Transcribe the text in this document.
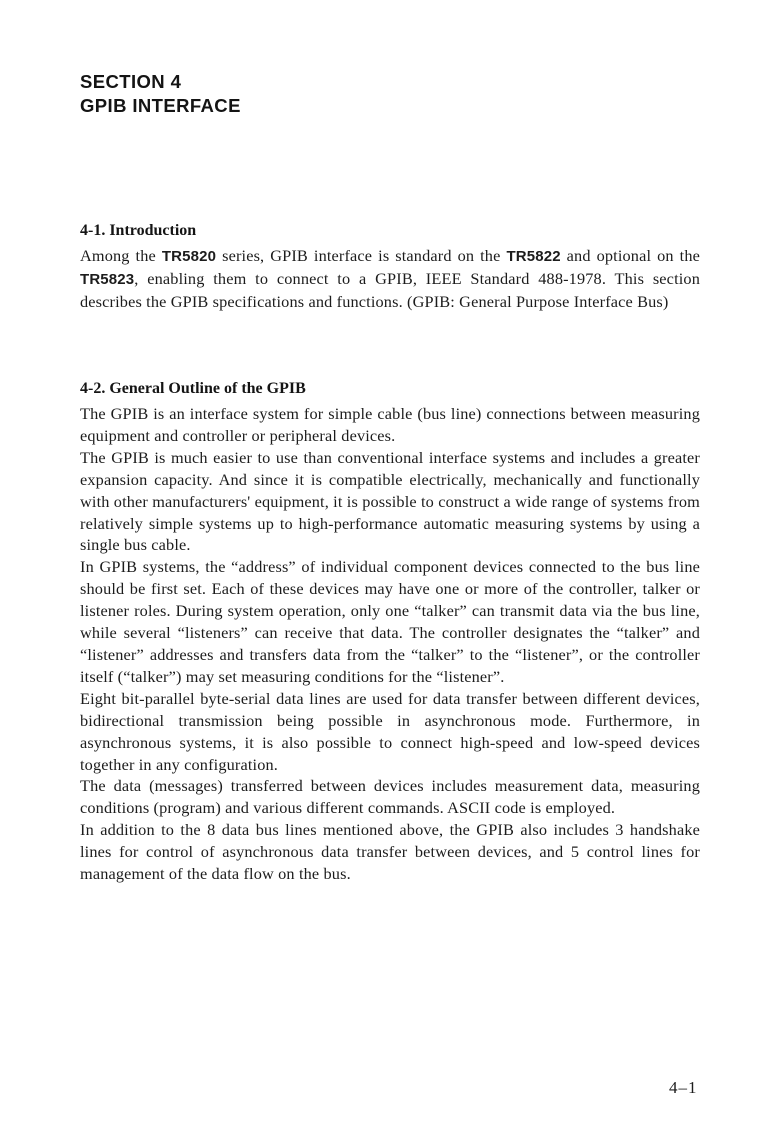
SECTION 4
GPIB INTERFACE
4-1. Introduction

Among the TR5820 series, GPIB interface is standard on the TR5822 and optional on the TR5823, enabling them to connect to a GPIB, IEEE Standard 488-1978. This section describes the GPIB specifications and functions. (GPIB: General Purpose Interface Bus)

4-2. General Outline of the GPIB

The GPIB is an interface system for simple cable (bus line) connections between measuring equipment and controller or peripheral devices.

The GPIB is much easier to use than conventional interface systems and includes a greater expansion capacity. And since it is compatible electrically, mechanically and functionally with other manufacturers' equipment, it is possible to construct a wide range of systems from relatively simple systems up to high-performance automatic measuring systems by using a single bus cable.

In GPIB systems, the “address” of individual component devices connected to the bus line should be first set. Each of these devices may have one or more of the controller, talker or listener roles. During system operation, only one “talker” can transmit data via the bus line, while several “listeners” can receive that data. The controller designates the “talker” and “listener” addresses and transfers data from the “talker” to the “listener”, or the controller itself (“talker”) may set measuring conditions for the “listener”.

Eight bit-parallel byte-serial data lines are used for data transfer between different devices, bidirectional transmission being possible in asynchronous mode. Furthermore, in asynchronous systems, it is also possible to connect high-speed and low-speed devices together in any configuration.

The data (messages) transferred between devices includes measurement data, measuring conditions (program) and various different commands. ASCII code is employed.

In addition to the 8 data bus lines mentioned above, the GPIB also includes 3 handshake lines for control of asynchronous data transfer between devices, and 5 control lines for management of the data flow on the bus.

4–1
